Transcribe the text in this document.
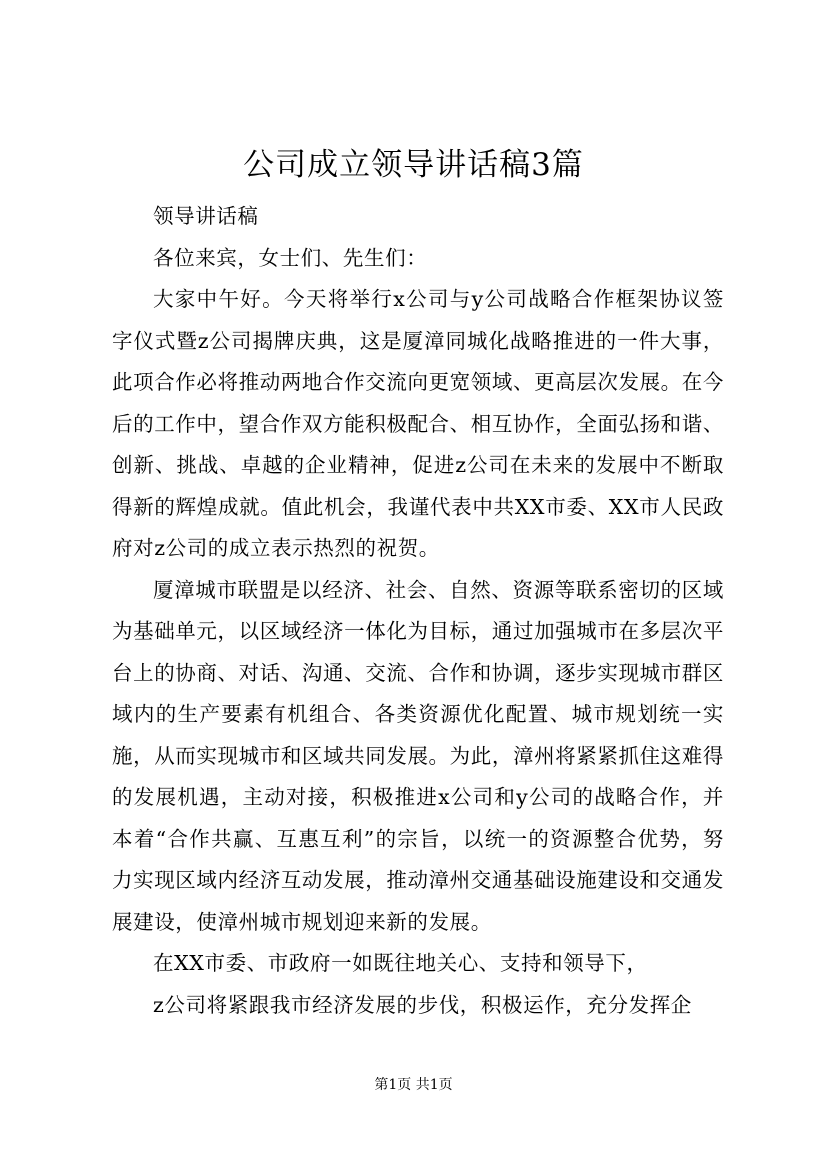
公司成立领导讲话稿3篇

领导讲话稿

各位来宾，女士们、先生们：

大家中午好。今天将举行x公司与y公司战略合作框架协议签字仪式暨z公司揭牌庆典，这是厦漳同城化战略推进的一件大事，此项合作必将推动两地合作交流向更宽领域、更高层次发展。在今后的工作中，望合作双方能积极配合、相互协作，全面弘扬和谐、创新、挑战、卓越的企业精神，促进z公司在未来的发展中不断取得新的辉煌成就。值此机会，我谨代表中共XX市委、XX市人民政府对z公司的成立表示热烈的祝贺。

厦漳城市联盟是以经济、社会、自然、资源等联系密切的区域为基础单元，以区域经济一体化为目标，通过加强城市在多层次平台上的协商、对话、沟通、交流、合作和协调，逐步实现城市群区域内的生产要素有机组合、各类资源优化配置、城市规划统一实施，从而实现城市和区域共同发展。为此，漳州将紧紧抓住这难得的发展机遇，主动对接，积极推进x公司和y公司的战略合作，并本着“合作共赢、互惠互利”的宗旨，以统一的资源整合优势，努力实现区域内经济互动发展，推动漳州交通基础设施建设和交通发展建设，使漳州城市规划迎来新的发展。

在XX市委、市政府一如既往地关心、支持和领导下，

z公司将紧跟我市经济发展的步伐，积极运作，充分发挥企

第1页 共1页
